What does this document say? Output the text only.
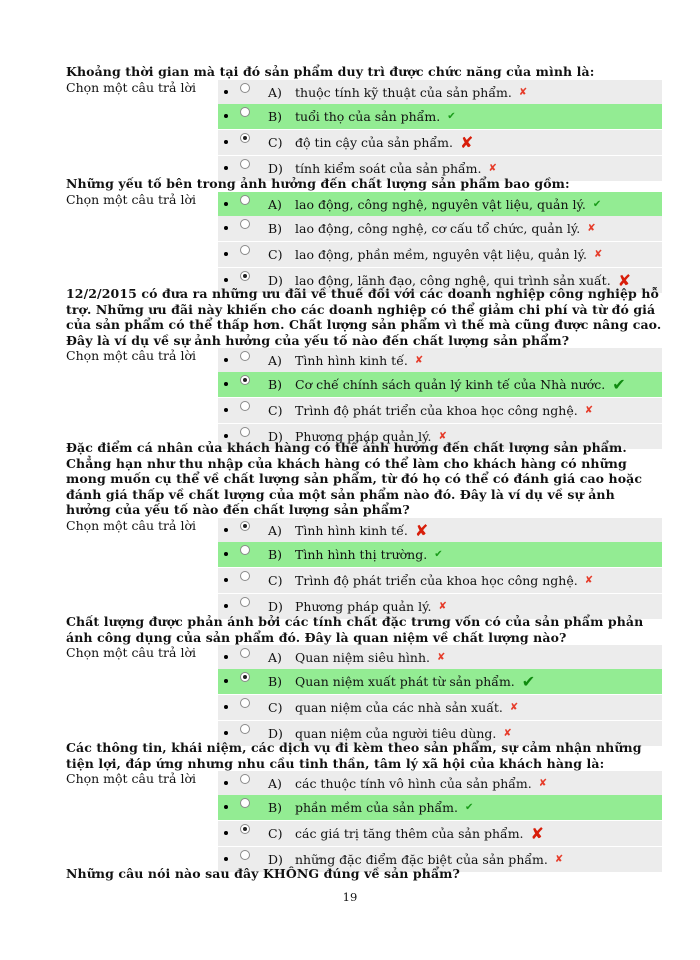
Khoảng thời gian mà tại đó sản phẩm duy trì được chức năng của mình là:

Chọn một câu trả lời	A) thuộc tính kỹ thuật của sản phẩm. ✘
B) tuổi thọ của sản phẩm. ✔
C) độ tin cậy của sản phẩm. ✘
D) tính kiểm soát của sản phẩm. ✘

Những yếu tố bên trong ảnh hưởng đến chất lượng sản phẩm bao gồm:

Chọn một câu trả lời	A) lao động, công nghệ, nguyên vật liệu, quản lý. ✔
B) lao động, công nghệ, cơ cấu tổ chức, quản lý. ✘
C) lao động, phần mềm, nguyên vật liệu, quản lý. ✘
D) lao động, lãnh đạo, công nghệ, qui trình sản xuất. ✘

12/2/2015 có đưa ra những ưu đãi về thuế đối với các doanh nghiệp công nghiệp hỗ trợ. Những ưu đãi này khiến cho các doanh nghiệp có thể giảm chi phí và từ đó giá của sản phẩm có thể thấp hơn. Chất lượng sản phẩm vì thế mà cũng được nâng cao. Đây là ví dụ về sự ảnh hưởng của yếu tố nào đến chất lượng sản phẩm?

Chọn một câu trả lời	A) Tình hình kinh tế. ✘
B) Cơ chế chính sách quản lý kinh tế của Nhà nước. ✔
C) Trình độ phát triển của khoa học công nghệ. ✘
D) Phương pháp quản lý. ✘

Đặc điểm cá nhân của khách hàng có thể ảnh hưởng đến chất lượng sản phẩm. Chẳng hạn như thu nhập của khách hàng có thể làm cho khách hàng có những mong muốn cụ thể về chất lượng sản phẩm, từ đó họ có thể có đánh giá cao hoặc đánh giá thấp về chất lượng của một sản phẩm nào đó. Đây là ví dụ về sự ảnh hưởng của yếu tố nào đến chất lượng sản phẩm?

Chọn một câu trả lời	A) Tình hình kinh tế. ✘
B) Tình hình thị trường. ✔
C) Trình độ phát triển của khoa học công nghệ. ✘
D) Phương pháp quản lý. ✘

Chất lượng được phản ánh bởi các tính chất đặc trưng vốn có của sản phẩm phản ánh công dụng của sản phẩm đó. Đây là quan niệm về chất lượng nào?

Chọn một câu trả lời	A) Quan niệm siêu hình. ✘
B) Quan niệm xuất phát từ sản phẩm. ✔
C) quan niệm của các nhà sản xuất. ✘
D) quan niệm của người tiêu dùng. ✘

Các thông tin, khái niệm, các dịch vụ đi kèm theo sản phẩm, sự cảm nhận những tiện lợi, đáp ứng nhưng nhu cầu tinh thần, tâm lý xã hội của khách hàng là:

Chọn một câu trả lời	A) các thuộc tính vô hình của sản phẩm. ✘
B) phần mềm của sản phẩm. ✔
C) các giá trị tăng thêm của sản phẩm. ✘
D) những đặc điểm đặc biệt của sản phẩm. ✘

Những câu nói nào sau đây KHÔNG đúng về sản phẩm?

19
